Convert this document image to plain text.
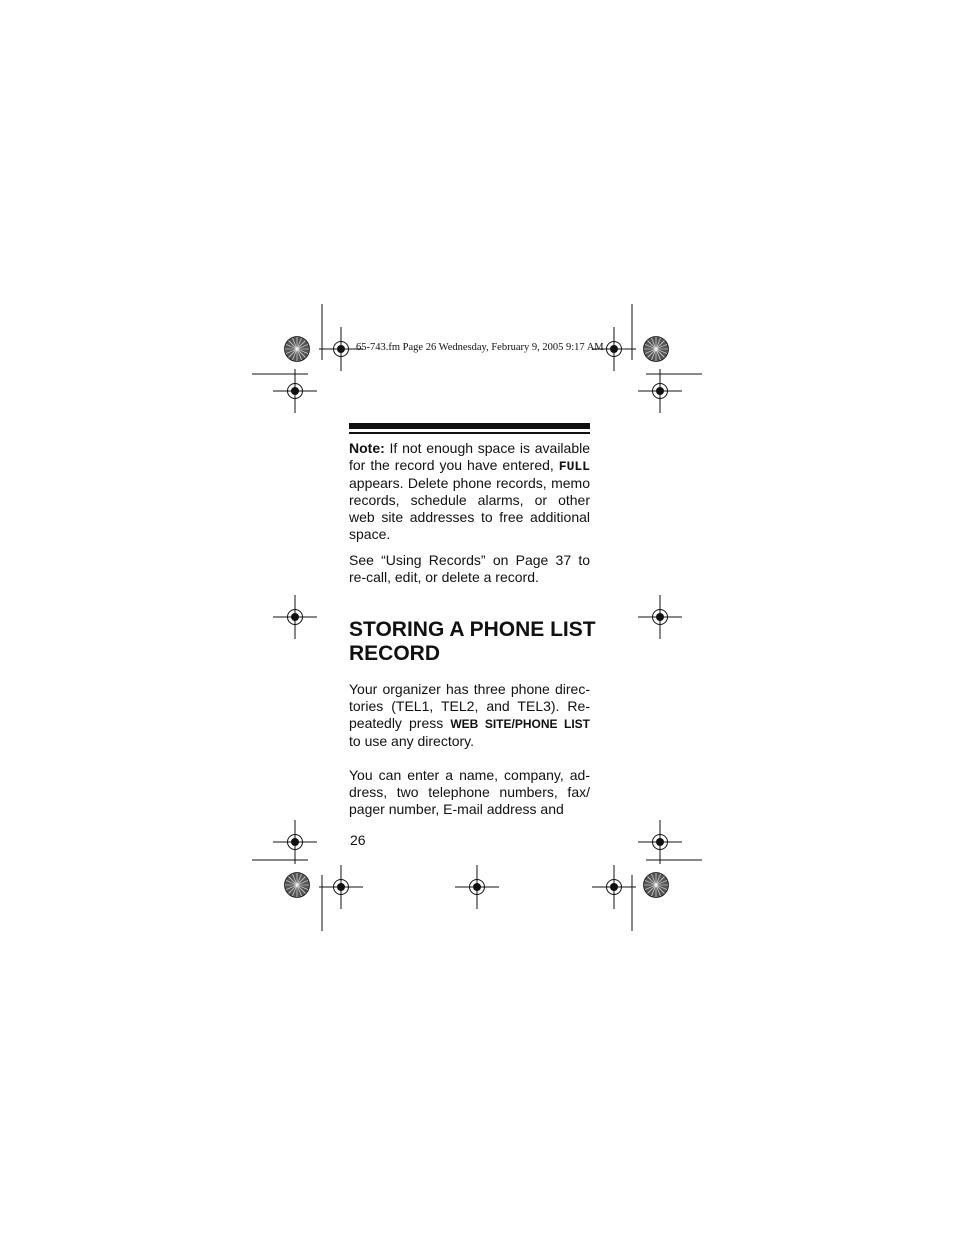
65-743.fm Page 26 Wednesday, February 9, 2005 9:17 AM

Note: If not enough space is available for the record you have entered, FULL appears. Delete phone records, memo records, schedule alarms, or other web site addresses to free additional space.

See “Using Records” on Page 37 to re-call, edit, or delete a record.

STORING A PHONE LIST RECORD

Your organizer has three phone direc-tories (TEL1, TEL2, and TEL3). Re-peatedly press WEB SITE/PHONE LIST to use any directory.

You can enter a name, company, ad-dress, two telephone numbers, fax/ pager number, E-mail address and

26
